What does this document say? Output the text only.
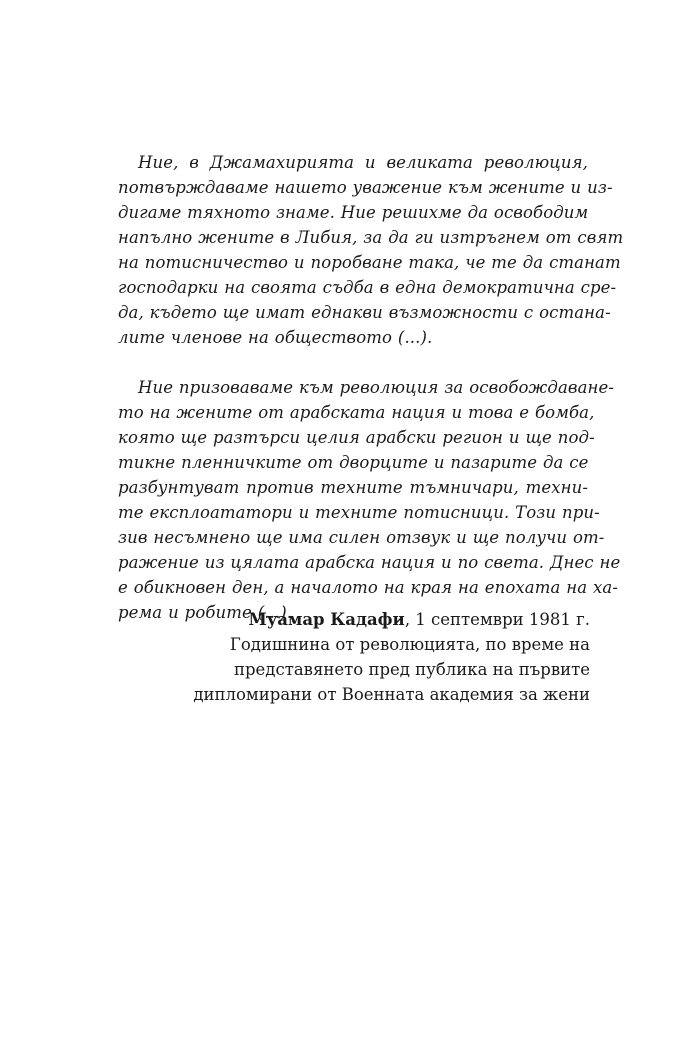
Ние, в Джамахирията и великата революция,
потвърждаваме нашето уважение към жените и из-
дигаме тяхното знаме. Ние решихме да освободим
напълно жените в Либия, за да ги изтръгнем от свят
на потисничество и поробване така, че те да станат
господарки на своята съдба в една демократична сре-
да, където ще имат еднакви възможности с останa-
лите членове на обществото (...).

Ние призоваваме към революция за освобождаване-
то на жените от арабската нация и това е бомба,
която ще разтърси целия арабски регион и ще под-
тикне пленничките от дворците и пазарите да се
разбунтуват против техните тъмничари, техни-
те експлоататори и техните потисници. Този при-
зив несъмнено ще има силен отзвук и ще получи от-
ражение из цялата арабска нация и по света. Днес не
е обикновен ден, а началото на края на епохата на ха-
рема и робите (...).

Муамар Кадафи, 1 септември 1981 г.
Годишнина от революцията, по време на
представянето пред публика на първите
дипломирани от Военната академия за жени
